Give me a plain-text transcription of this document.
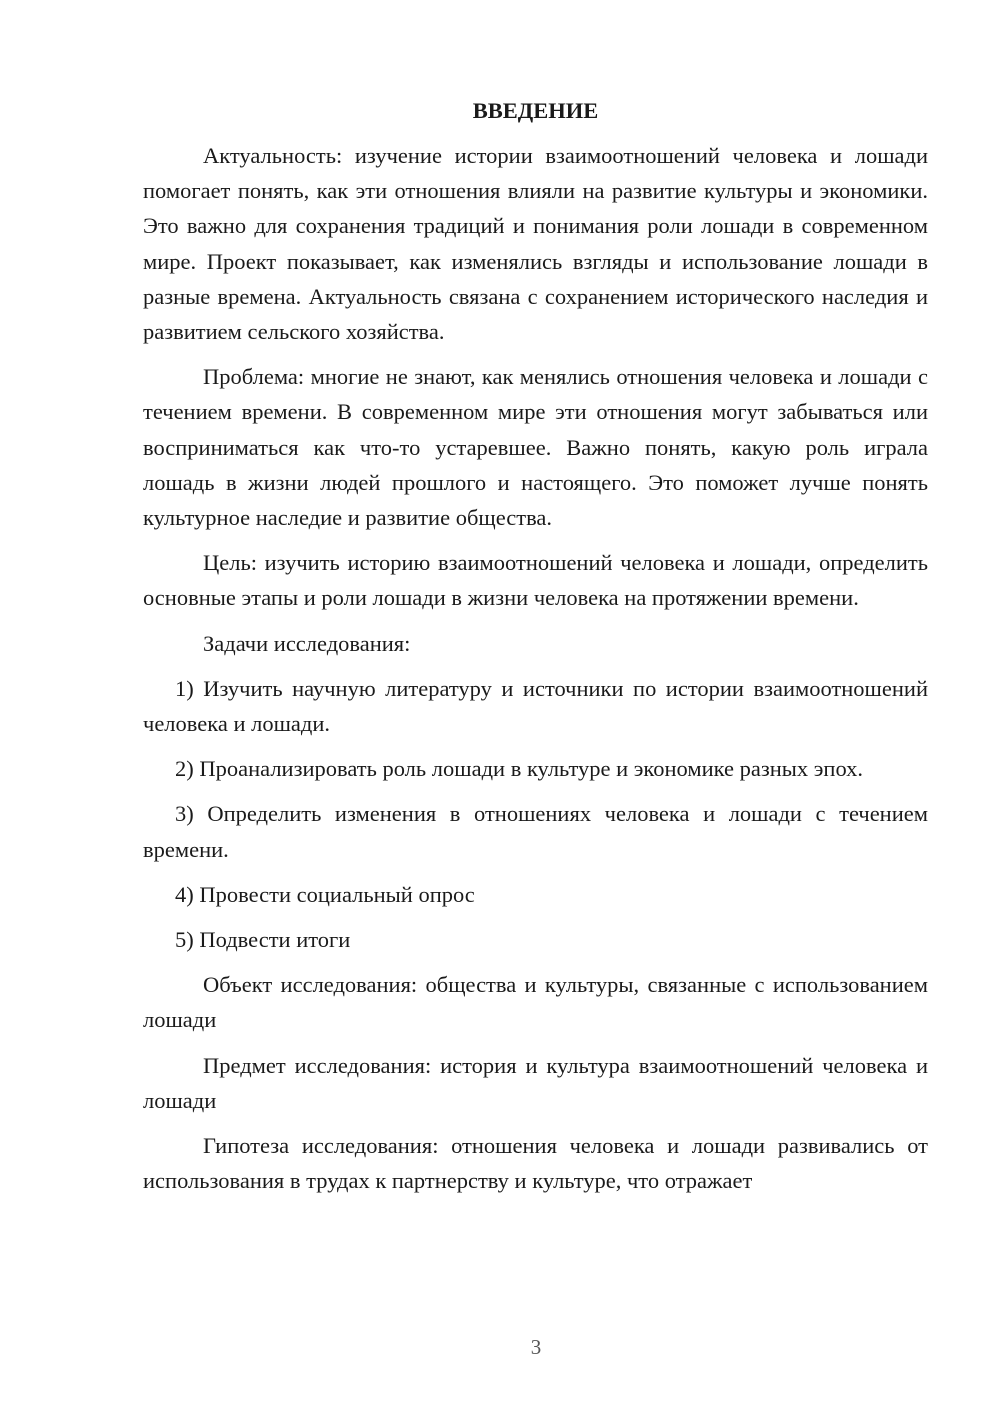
ВВЕДЕНИЕ

Актуальность: изучение истории взаимоотношений человека и лошади помогает понять, как эти отношения влияли на развитие культуры и экономики. Это важно для сохранения традиций и понимания роли лошади в современном мире. Проект показывает, как изменялись взгляды и использование лошади в разные времена. Актуальность связана с сохранением исторического наследия и развитием сельского хозяйства.

Проблема: многие не знают, как менялись отношения человека и лошади с течением времени. В современном мире эти отношения могут забываться или восприниматься как что-то устаревшее. Важно понять, какую роль играла лошадь в жизни людей прошлого и настоящего. Это поможет лучше понять культурное наследие и развитие общества.

Цель: изучить историю взаимоотношений человека и лошади, определить основные этапы и роли лошади в жизни человека на протяжении времени.

Задачи исследования:

1) Изучить научную литературу и источники по истории взаимоотношений человека и лошади.

2) Проанализировать роль лошади в культуре и экономике разных эпох.

3) Определить изменения в отношениях человека и лошади с течением времени.

4) Провести социальный опрос

5) Подвести итоги

Объект исследования: общества и культуры, связанные с использованием лошади

Предмет исследования: история и культура взаимоотношений человека и лошади

Гипотеза исследования: отношения человека и лошади развивались от использования в трудах к партнерству и культуре, что отражает

3
